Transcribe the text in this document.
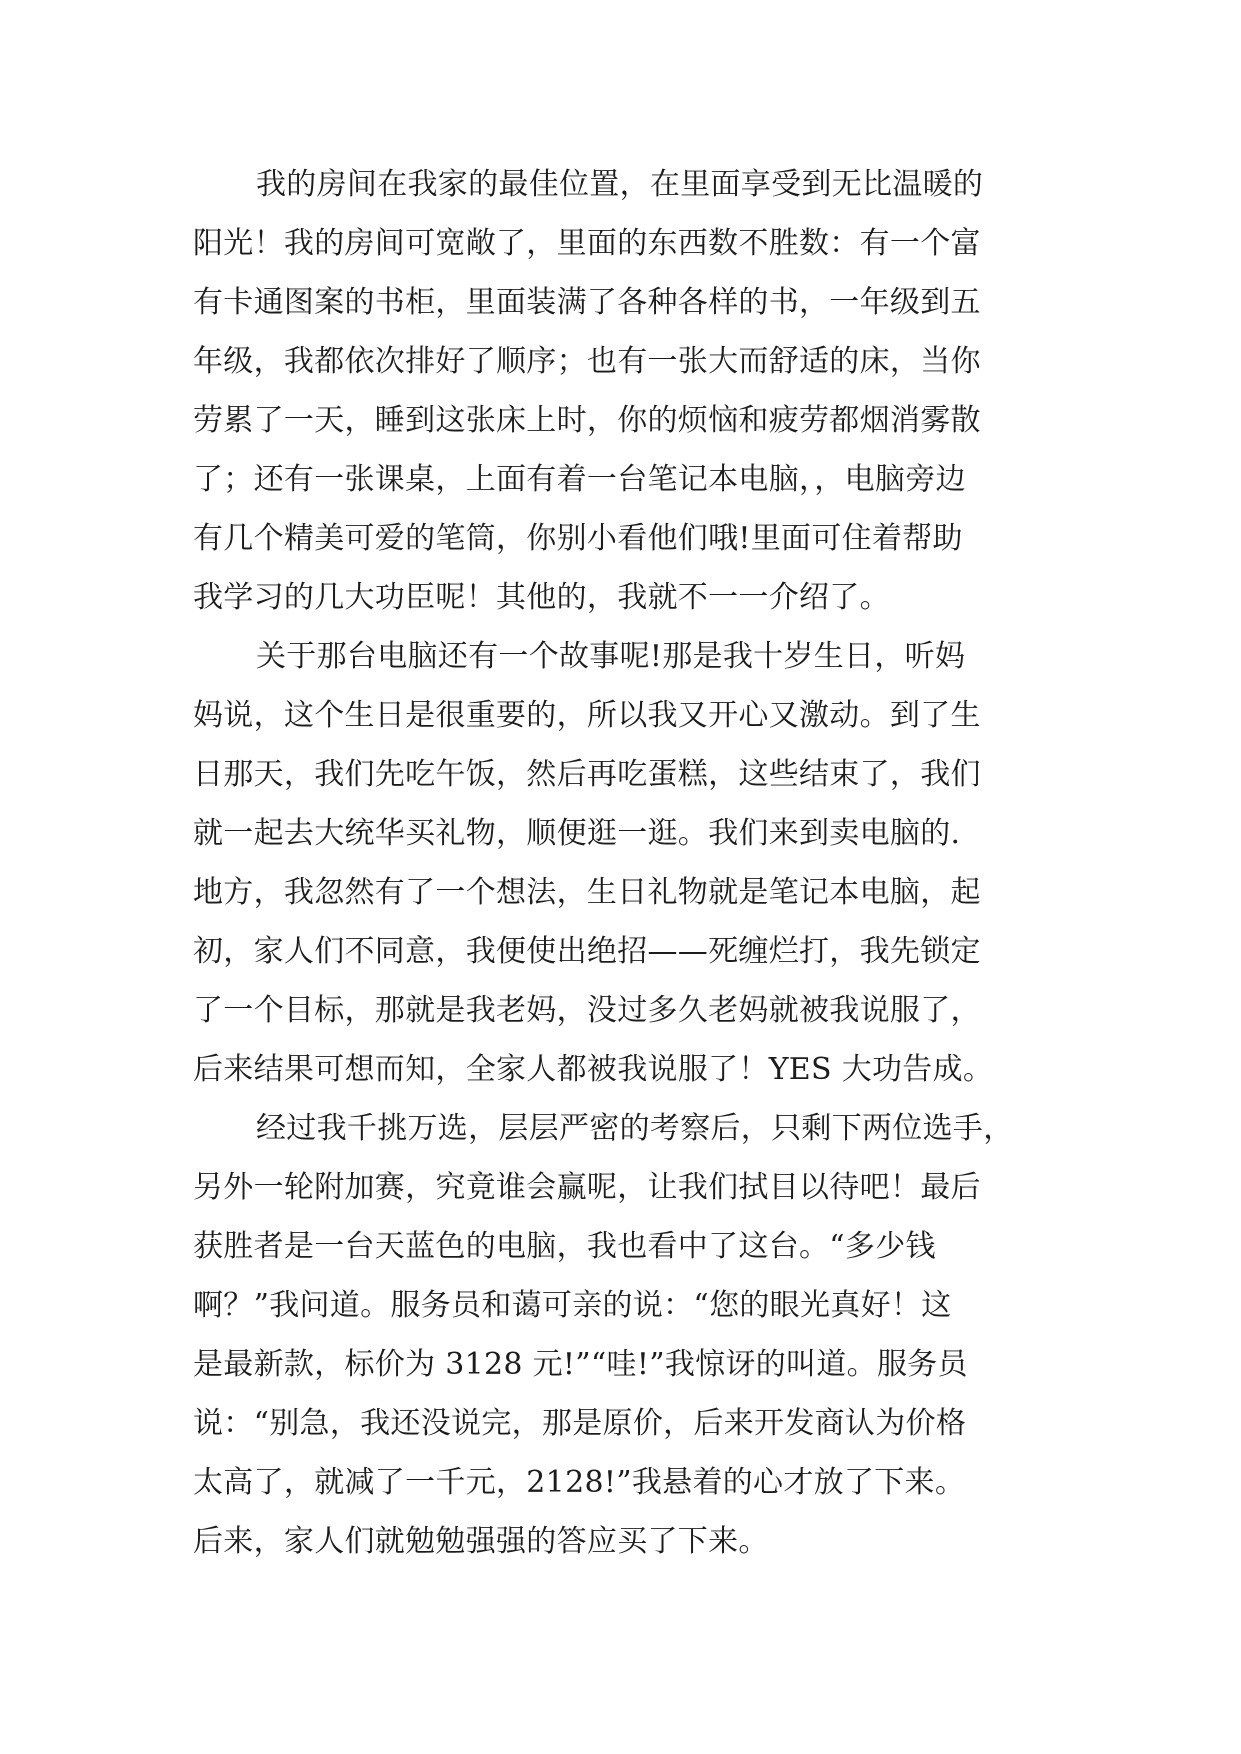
我的房间在我家的最佳位置，在里面享受到无比温暖的
阳光！我的房间可宽敞了，里面的东西数不胜数：有一个富
有卡通图案的书柜，里面装满了各种各样的书，一年级到五
年级，我都依次排好了顺序；也有一张大而舒适的床，当你
劳累了一天，睡到这张床上时，你的烦恼和疲劳都烟消雾散
了；还有一张课桌，上面有着一台笔记本电脑，，电脑旁边
有几个精美可爱的笔筒，你别小看他们哦!里面可住着帮助
我学习的几大功臣呢！其他的，我就不一一介绍了。
关于那台电脑还有一个故事呢!那是我十岁生日，听妈
妈说，这个生日是很重要的，所以我又开心又激动。到了生
日那天，我们先吃午饭，然后再吃蛋糕，这些结束了，我们
就一起去大统华买礼物，顺便逛一逛。我们来到卖电脑的.
地方，我忽然有了一个想法，生日礼物就是笔记本电脑，起
初，家人们不同意，我便使出绝招——死缠烂打，我先锁定
了一个目标，那就是我老妈，没过多久老妈就被我说服了，
后来结果可想而知，全家人都被我说服了！YES 大功告成。
经过我千挑万选，层层严密的考察后，只剩下两位选手，
另外一轮附加赛，究竟谁会赢呢，让我们拭目以待吧！最后
获胜者是一台天蓝色的电脑，我也看中了这台。“多少钱
啊？”我问道。服务员和蔼可亲的说：“您的眼光真好！这
是最新款，标价为 3128 元!”“哇!”我惊讶的叫道。服务员
说：“别急，我还没说完，那是原价，后来开发商认为价格
太高了，就减了一千元，2128!”我悬着的心才放了下来。
后来，家人们就勉勉强强的答应买了下来。
